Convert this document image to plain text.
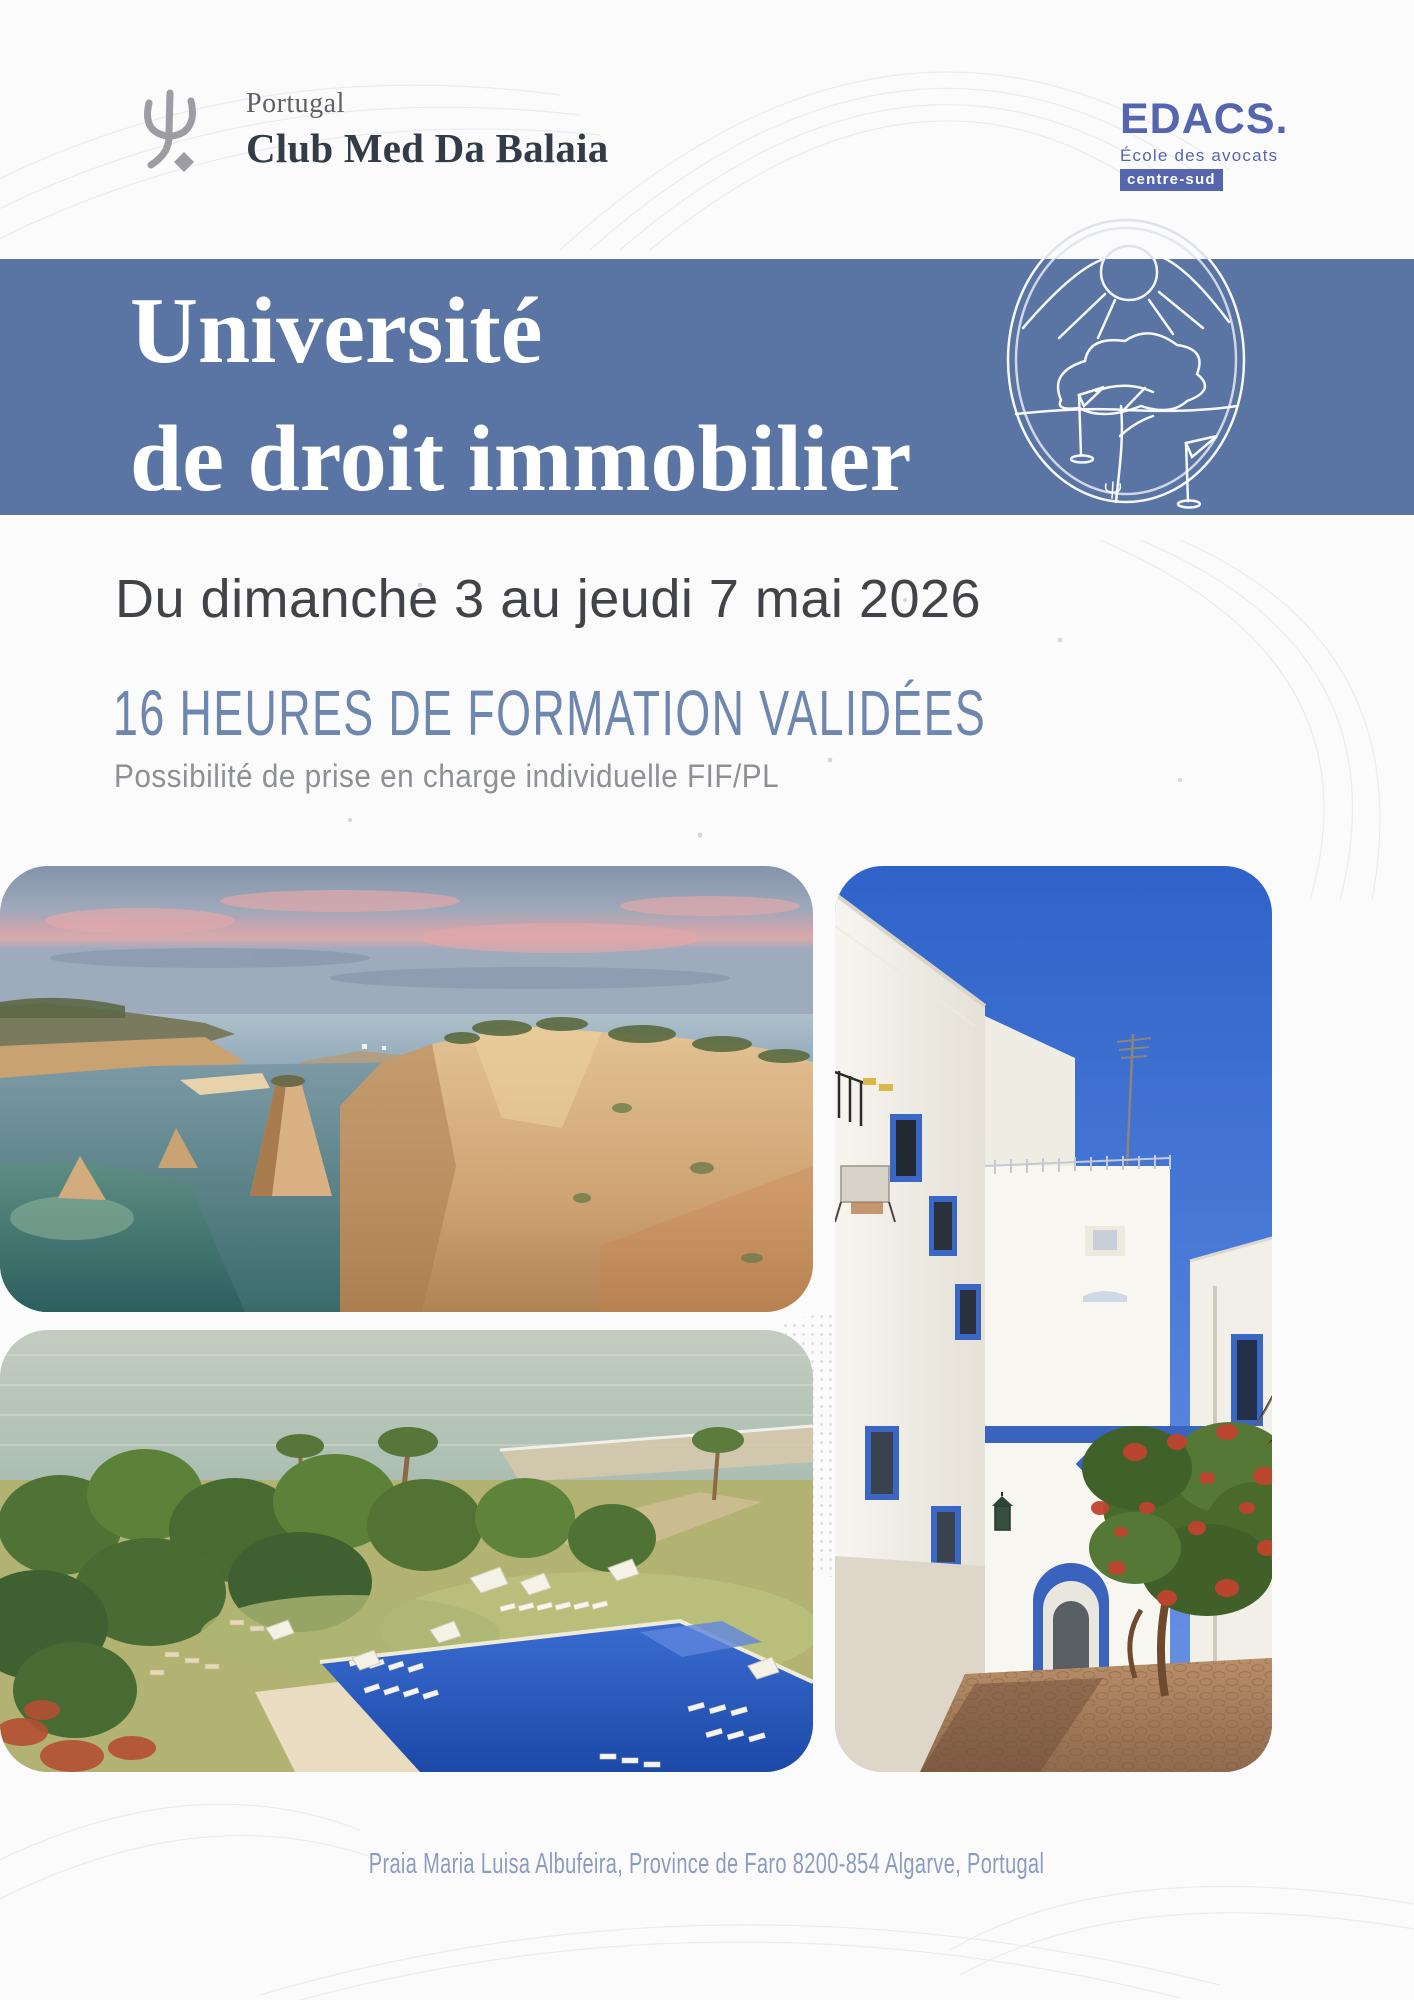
Portugal
Club Med Da Balaia
EDACS.
École des avocats
centre-sud
Université
de droit immobilier
Du dimanche 3 au jeudi 7 mai 2026
16 HEURES DE FORMATION VALIDÉES
Possibilité de prise en charge individuelle FIF/PL
Praia Maria Luisa Albufeira, Province de Faro 8200-854 Algarve, Portugal
